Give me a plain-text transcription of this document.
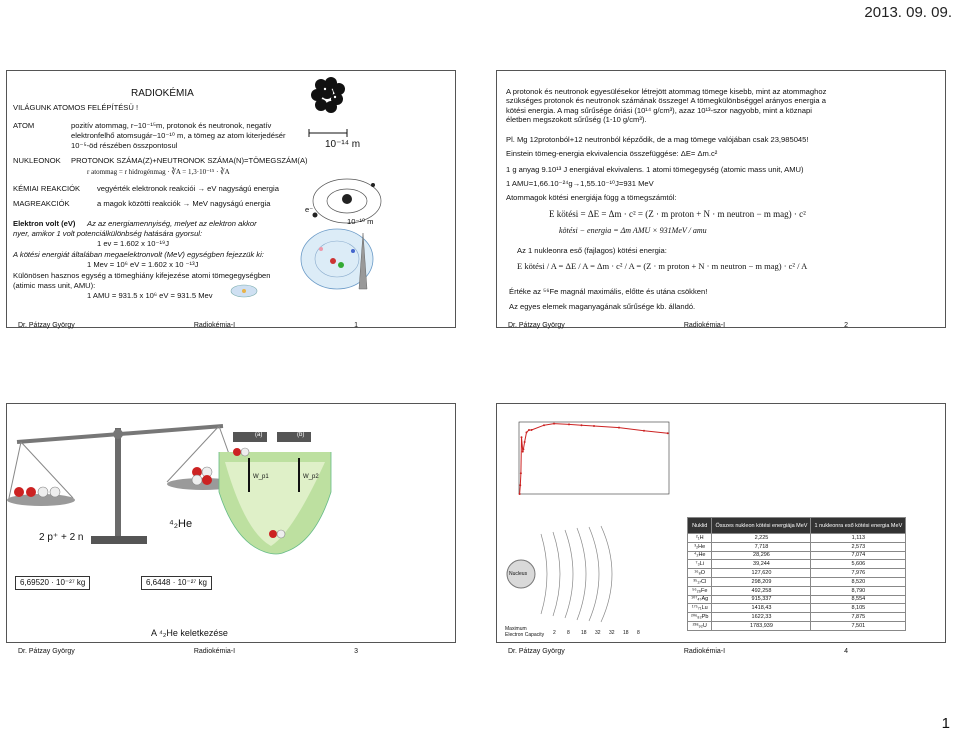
2013. 09. 09.
RADIOKÉMIA
VILÁGUNK ATOMOS FELÉPÍTÉSÜ !
ATOM	pozitív atommag, r~10⁻¹⁵m, protonok és neutronok, negatív
elektronfelhő atomsugár~10⁻¹⁰ m, a tömeg az atom kiterjedésér
10⁻⁵-öd részében összpontosul
NUKLEONOK PROTONOK SZÁMA(Z)+NEUTRONOK SZÁMA(N)=TÖMEGSZÁM(A)
r atommag = r hidrogénmag · ∛A = 1,3·10⁻¹⁵ · ∛A
KÉMIAI REAKCIÓK vegyérték elektronok reakciói → eV nagyságú energia
MAGREAKCIÓK	a magok közötti reakciók → MeV nagyságú energia
Elektron volt (eV) Az az energiamennyiség, melyet az elektron akkor
nyer, amikor 1 volt potenciálkülönbség hatására gyorsul:
1 ev = 1.602 x 10⁻¹⁹J
A kötési energiát általában megaelektronvolt (MeV) egységben fejezzük ki:
1 Mev = 10⁶ eV = 1.602 x 10 ⁻¹³J
Különösen hasznos egység a tömeghiány kifejezése atomi tömegegységben
(atimic mass unit, AMU):
1 AMU = 931.5 x 10⁶ eV = 931.5 Mev
10⁻¹⁴ m
e⁻
10⁻¹⁰ m
Dr. Pátzay György	Radiokémia-I	1
A protonok és neutronok egyesülésekor létrejött atommag tömege kisebb, mint az atommaghoz szükséges protonok és neutronok számának összege! A tömegkülönbséggel arányos energia a kötési energia. A mag sűrűsége óriási (10¹⁴ g/cm³), azaz 10¹³-szor nagyobb, mint a köznapi életben megszokott sűrűség (1-10 g/cm³).
Pl. Mg 12protonból+12 neutronból képződik, de a mag tömege valójában csak 23,985045!
Einstein tömeg-energia ekvivalencia összefüggése: ΔE= Δm.c²
1 g anyag 9.10¹³ J energiával ekvivalens. 1 atomi tömegegység (atomic mass unit, AMU)
1 AMU=1,66.10⁻²⁴g→1,55.10⁻¹⁰J=931 MeV
Atommagok kötési energiája függ a tömegszámtól:
E kötési = ΔE = Δm · c² = (Z · m proton + N · m neutron − m mag) · c²
kötési − energia = Δm AMU × 931MeV / amu
Az 1 nukleonra eső (fajlagos) kötési energia:
E kötési / A = ΔE / A = Δm · c² / A = (Z · m proton + N · m neutron − m mag) · c² / A
Értéke az ⁵⁶Fe magnál maximális, előtte és utána csökken!
Az egyes elemek maganyagának sűrűsége kb. állandó.
Dr. Pátzay György	Radiokémia-I	2
2 p⁺ + 2 n
⁴₂He
6,69520 · 10⁻²⁷ kg	6,6448 · 10⁻²⁷ kg
A ⁴₂He keletkezése
(a)	(b)
W_p1	W_p2
Dr. Pátzay György	Radiokémia-I	3
Nucleus
Maximum Electron Capacity 2 8 18 32 32 18 8
Nuklid	Összes nukleon kötési energiája MeV	1 nukleonra eső kötési energia MeV
²₁H	2,225	1,113
³₂He	7,718	2,573
⁴₂He	28,296	7,074
⁷₃Li	39,244	5,606
¹⁶₈O	127,620	7,976
³⁵₁₇Cl	298,209	8,520
⁵⁶₂₆Fe	492,258	8,790
¹⁰⁷₄₇Ag	915,337	8,554
¹⁷⁵₇₁Lu	1418,43	8,105
²⁰⁶₈₂Pb	1622,33	7,875
²³⁸₉₂U	1783,939	7,501
Dr. Pátzay György	Radiokémia-I	4
1
